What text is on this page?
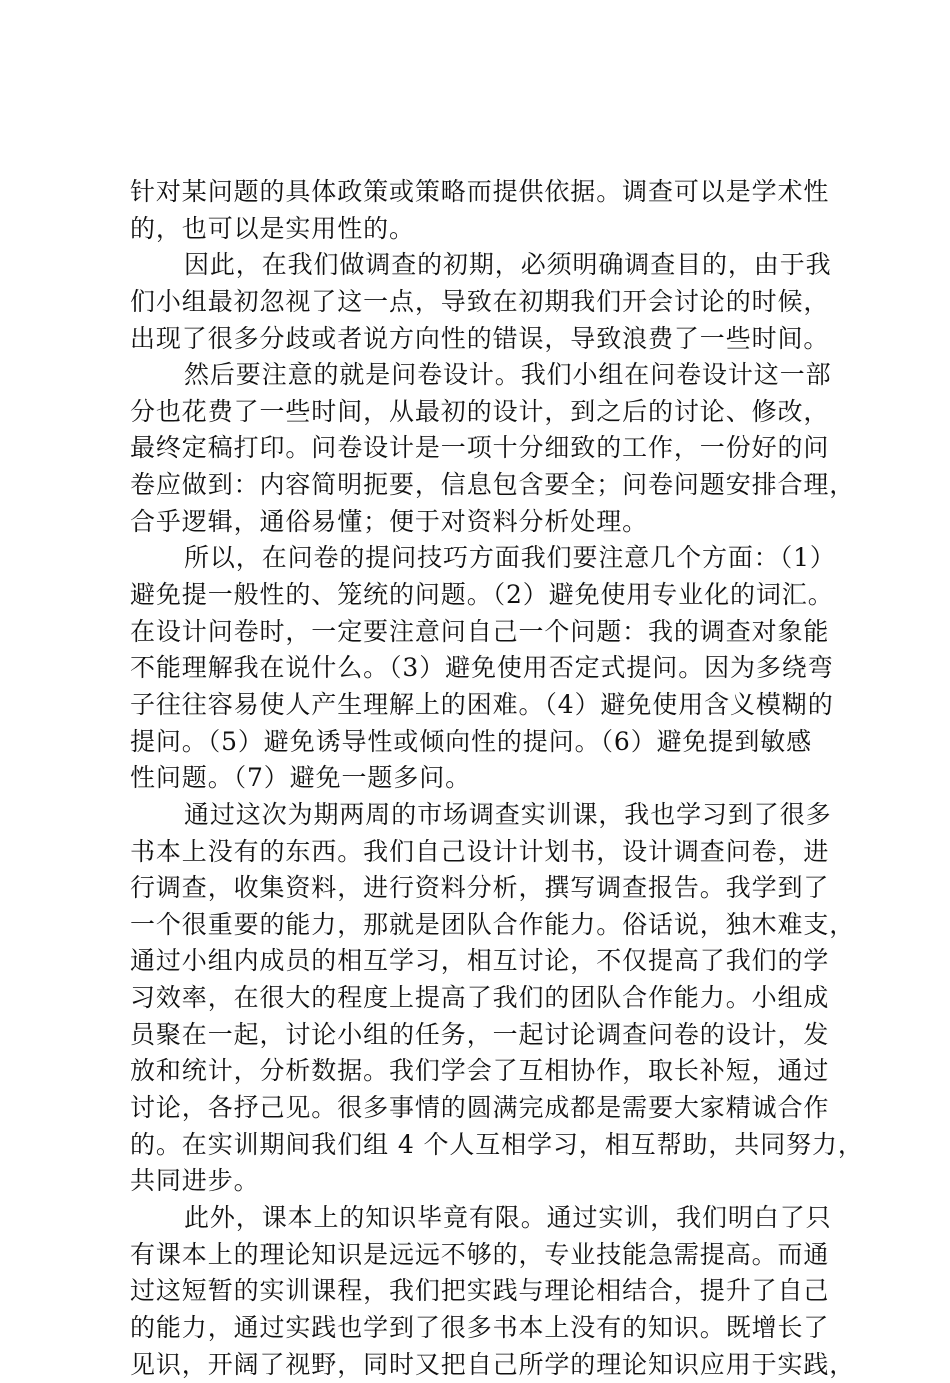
针对某问题的具体政策或策略而提供依据。调查可以是学术性
的，也可以是实用性的。
因此，在我们做调查的初期，必须明确调查目的，由于我
们小组最初忽视了这一点，导致在初期我们开会讨论的时候，
出现了很多分歧或者说方向性的错误，导致浪费了一些时间。
然后要注意的就是问卷设计。我们小组在问卷设计这一部
分也花费了一些时间，从最初的设计，到之后的讨论、修改，
最终定稿打印。问卷设计是一项十分细致的工作，一份好的问
卷应做到：内容简明扼要，信息包含要全；问卷问题安排合理，
合乎逻辑，通俗易懂；便于对资料分析处理。
所以，在问卷的提问技巧方面我们要注意几个方面：（1）
避免提一般性的、笼统的问题。（2）避免使用专业化的词汇。
在设计问卷时，一定要注意问自己一个问题：我的调查对象能
不能理解我在说什么。（3）避免使用否定式提问。因为多绕弯
子往往容易使人产生理解上的困难。（4）避免使用含义模糊的
提问。（5）避免诱导性或倾向性的提问。（6）避免提到敏感
性问题。（7）避免一题多问。
通过这次为期两周的市场调查实训课，我也学习到了很多
书本上没有的东西。我们自己设计计划书，设计调查问卷，进
行调查，收集资料，进行资料分析，撰写调查报告。我学到了
一个很重要的能力，那就是团队合作能力。俗话说，独木难支，
通过小组内成员的相互学习，相互讨论，不仅提高了我们的学
习效率，在很大的程度上提高了我们的团队合作能力。小组成
员聚在一起，讨论小组的任务，一起讨论调查问卷的设计，发
放和统计，分析数据。我们学会了互相协作，取长补短，通过
讨论，各抒己见。很多事情的圆满完成都是需要大家精诚合作
的。在实训期间我们组 4 个人互相学习，相互帮助，共同努力，
共同进步。
此外，课本上的知识毕竟有限。通过实训，我们明白了只
有课本上的理论知识是远远不够的，专业技能急需提高。而通
过这短暂的实训课程，我们把实践与理论相结合，提升了自己
的能力，通过实践也学到了很多书本上没有的知识。既增长了
见识，开阔了视野，同时又把自己所学的理论知识应用于实践，
